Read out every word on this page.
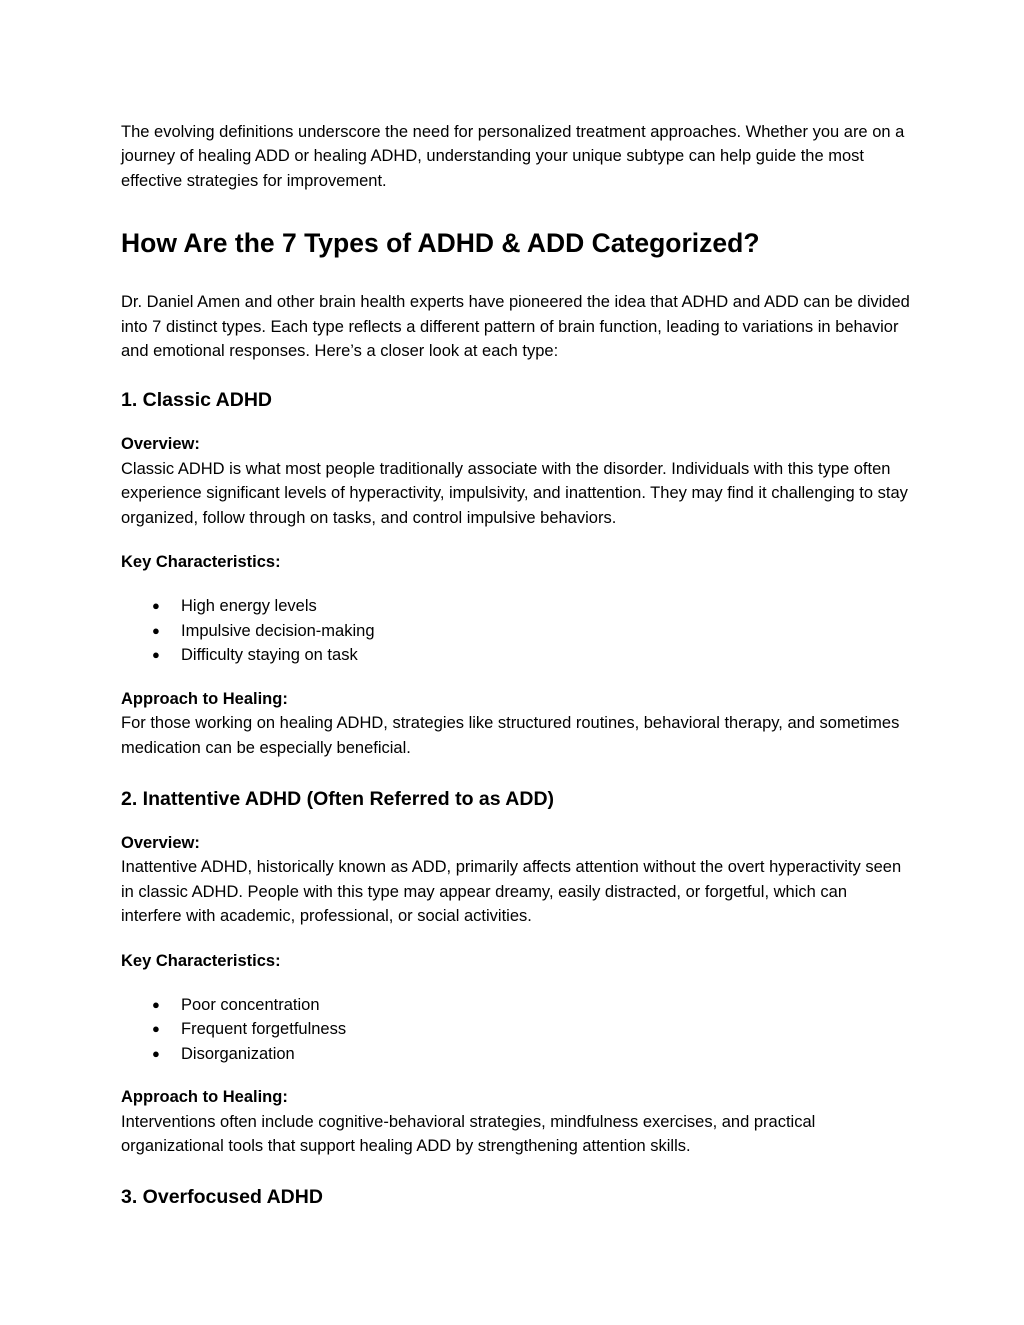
The evolving definitions underscore the need for personalized treatment approaches. Whether you are on a journey of healing ADD or healing ADHD, understanding your unique subtype can help guide the most effective strategies for improvement.

How Are the 7 Types of ADHD & ADD Categorized?

Dr. Daniel Amen and other brain health experts have pioneered the idea that ADHD and ADD can be divided into 7 distinct types. Each type reflects a different pattern of brain function, leading to variations in behavior and emotional responses. Here’s a closer look at each type:

1. Classic ADHD

Overview:
Classic ADHD is what most people traditionally associate with the disorder. Individuals with this type often experience significant levels of hyperactivity, impulsivity, and inattention. They may find it challenging to stay organized, follow through on tasks, and control impulsive behaviors.

Key Characteristics:

● High energy levels
● Impulsive decision-making
● Difficulty staying on task

Approach to Healing:
For those working on healing ADHD, strategies like structured routines, behavioral therapy, and sometimes medication can be especially beneficial.

2. Inattentive ADHD (Often Referred to as ADD)

Overview:
Inattentive ADHD, historically known as ADD, primarily affects attention without the overt hyperactivity seen in classic ADHD. People with this type may appear dreamy, easily distracted, or forgetful, which can interfere with academic, professional, or social activities.

Key Characteristics:

● Poor concentration
● Frequent forgetfulness
● Disorganization

Approach to Healing:
Interventions often include cognitive-behavioral strategies, mindfulness exercises, and practical organizational tools that support healing ADD by strengthening attention skills.

3. Overfocused ADHD
